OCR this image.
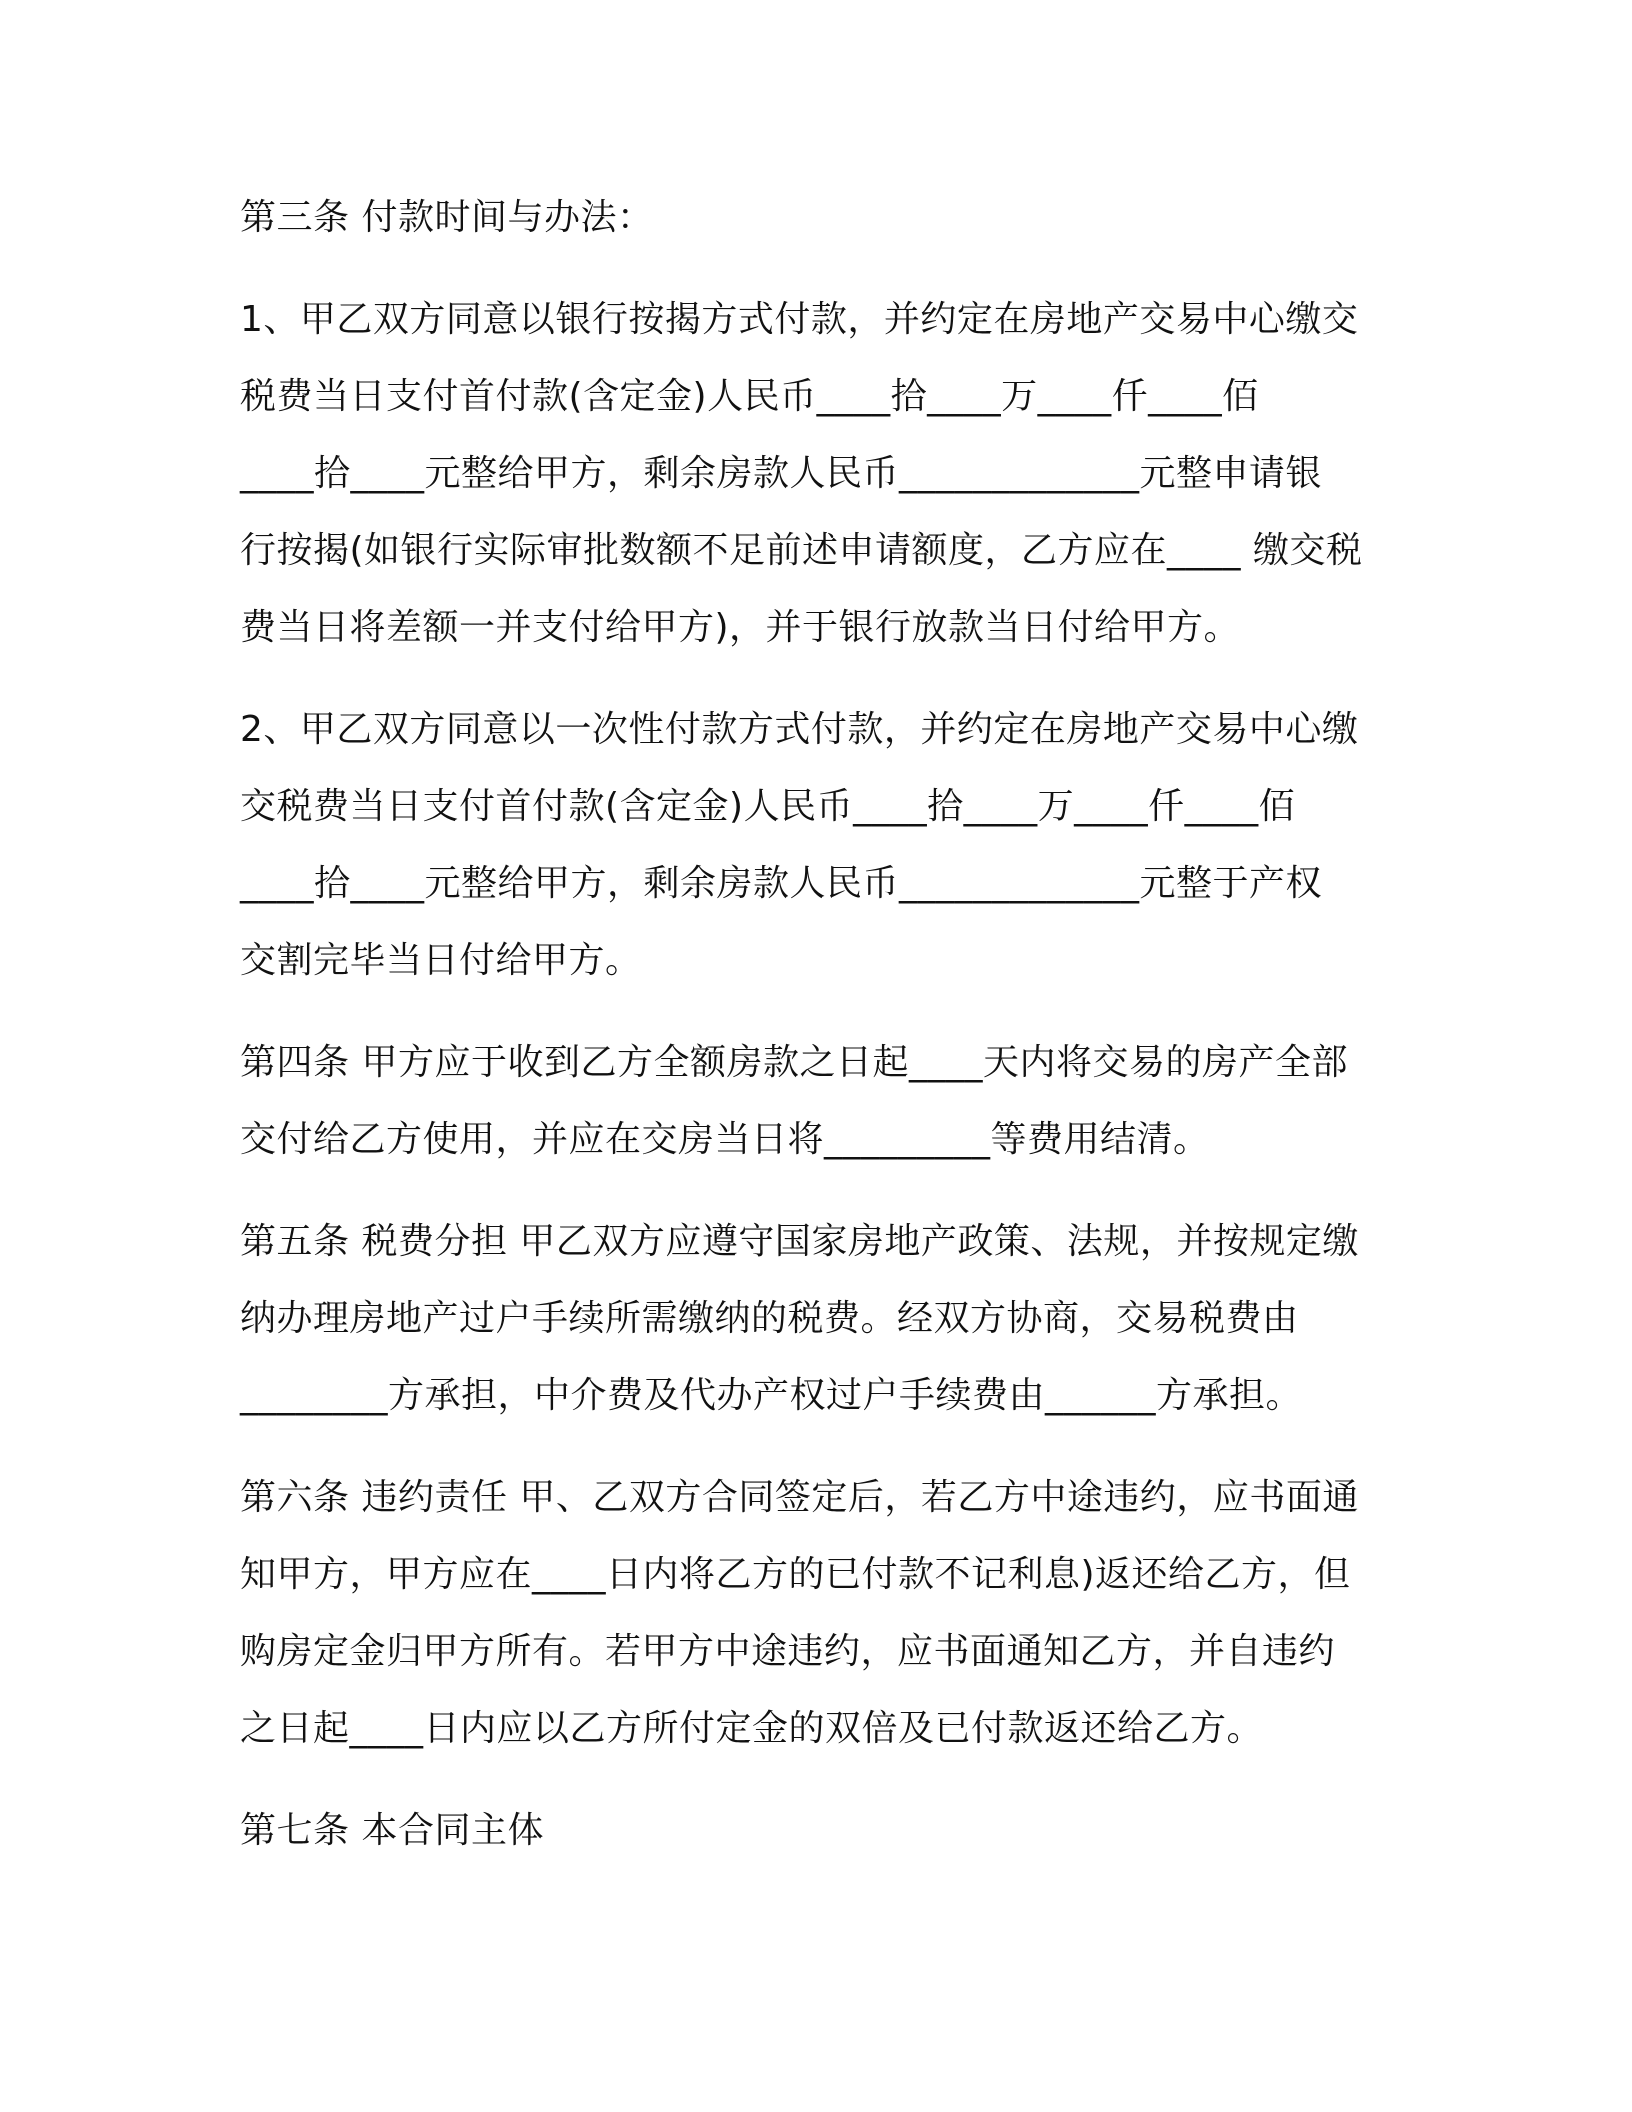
第三条 付款时间与办法：
1、甲乙双方同意以银行按揭方式付款，并约定在房地产交易中心缴交
税费当日支付首付款(含定金)人民币____拾____万____仟____佰
____拾____元整给甲方，剩余房款人民币_____________元整申请银
行按揭(如银行实际审批数额不足前述申请额度，乙方应在____ 缴交税
费当日将差额一并支付给甲方)，并于银行放款当日付给甲方。
2、甲乙双方同意以一次性付款方式付款，并约定在房地产交易中心缴
交税费当日支付首付款(含定金)人民币____拾____万____仟____佰
____拾____元整给甲方，剩余房款人民币_____________元整于产权
交割完毕当日付给甲方。
第四条 甲方应于收到乙方全额房款之日起____天内将交易的房产全部
交付给乙方使用，并应在交房当日将_________等费用结清。
第五条 税费分担 甲乙双方应遵守国家房地产政策、法规，并按规定缴
纳办理房地产过户手续所需缴纳的税费。经双方协商，交易税费由
________方承担，中介费及代办产权过户手续费由______方承担。
第六条 违约责任 甲、乙双方合同签定后，若乙方中途违约，应书面通
知甲方，甲方应在____日内将乙方的已付款不记利息)返还给乙方，但
购房定金归甲方所有。若甲方中途违约，应书面通知乙方，并自违约
之日起____日内应以乙方所付定金的双倍及已付款返还给乙方。
第七条 本合同主体
